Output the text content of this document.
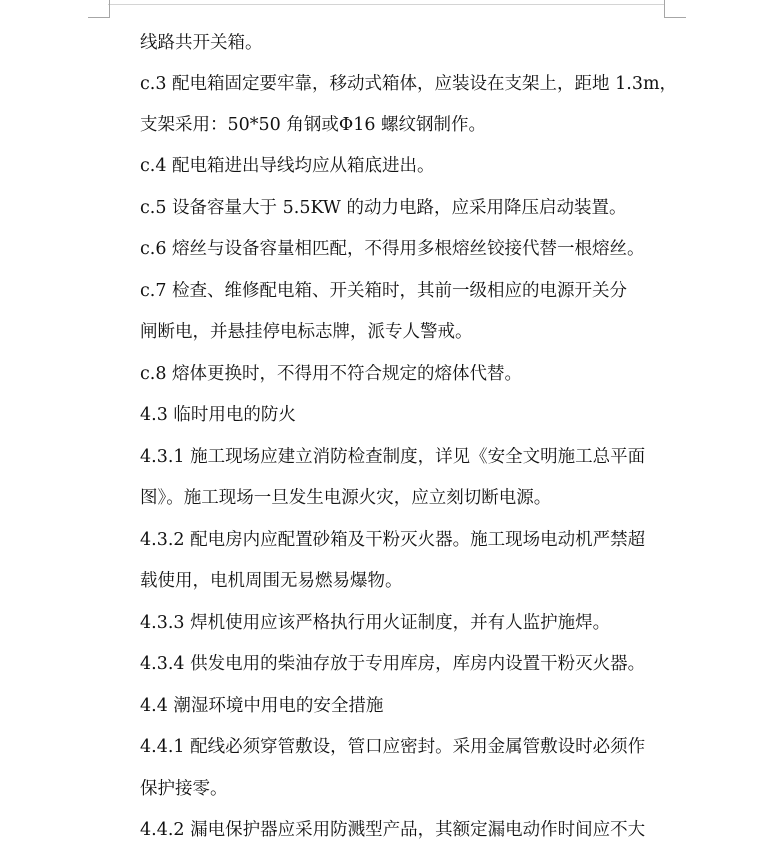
线路共开关箱。
c.3 配电箱固定要牢靠，移动式箱体，应装设在支架上，距地 1.3m，
支架采用：50*50 角钢或Φ16 螺纹钢制作。
c.4 配电箱进出导线均应从箱底进出。
c.5 设备容量大于 5.5KW 的动力电路，应采用降压启动装置。
c.6 熔丝与设备容量相匹配，不得用多根熔丝铰接代替一根熔丝。
c.7 检查、维修配电箱、开关箱时，其前一级相应的电源开关分
闸断电，并悬挂停电标志牌，派专人警戒。
c.8 熔体更换时，不得用不符合规定的熔体代替。
4.3 临时用电的防火
4.3.1 施工现场应建立消防检查制度，详见《安全文明施工总平面
图》。施工现场一旦发生电源火灾，应立刻切断电源。
4.3.2 配电房内应配置砂箱及干粉灭火器。施工现场电动机严禁超
载使用，电机周围无易燃易爆物。
4.3.3 焊机使用应该严格执行用火证制度，并有人监护施焊。
4.3.4 供发电用的柴油存放于专用库房，库房内设置干粉灭火器。
4.4 潮湿环境中用电的安全措施
4.4.1 配线必须穿管敷设，管口应密封。采用金属管敷设时必须作
保护接零。
4.4.2 漏电保护器应采用防溅型产品，其额定漏电动作时间应不大
